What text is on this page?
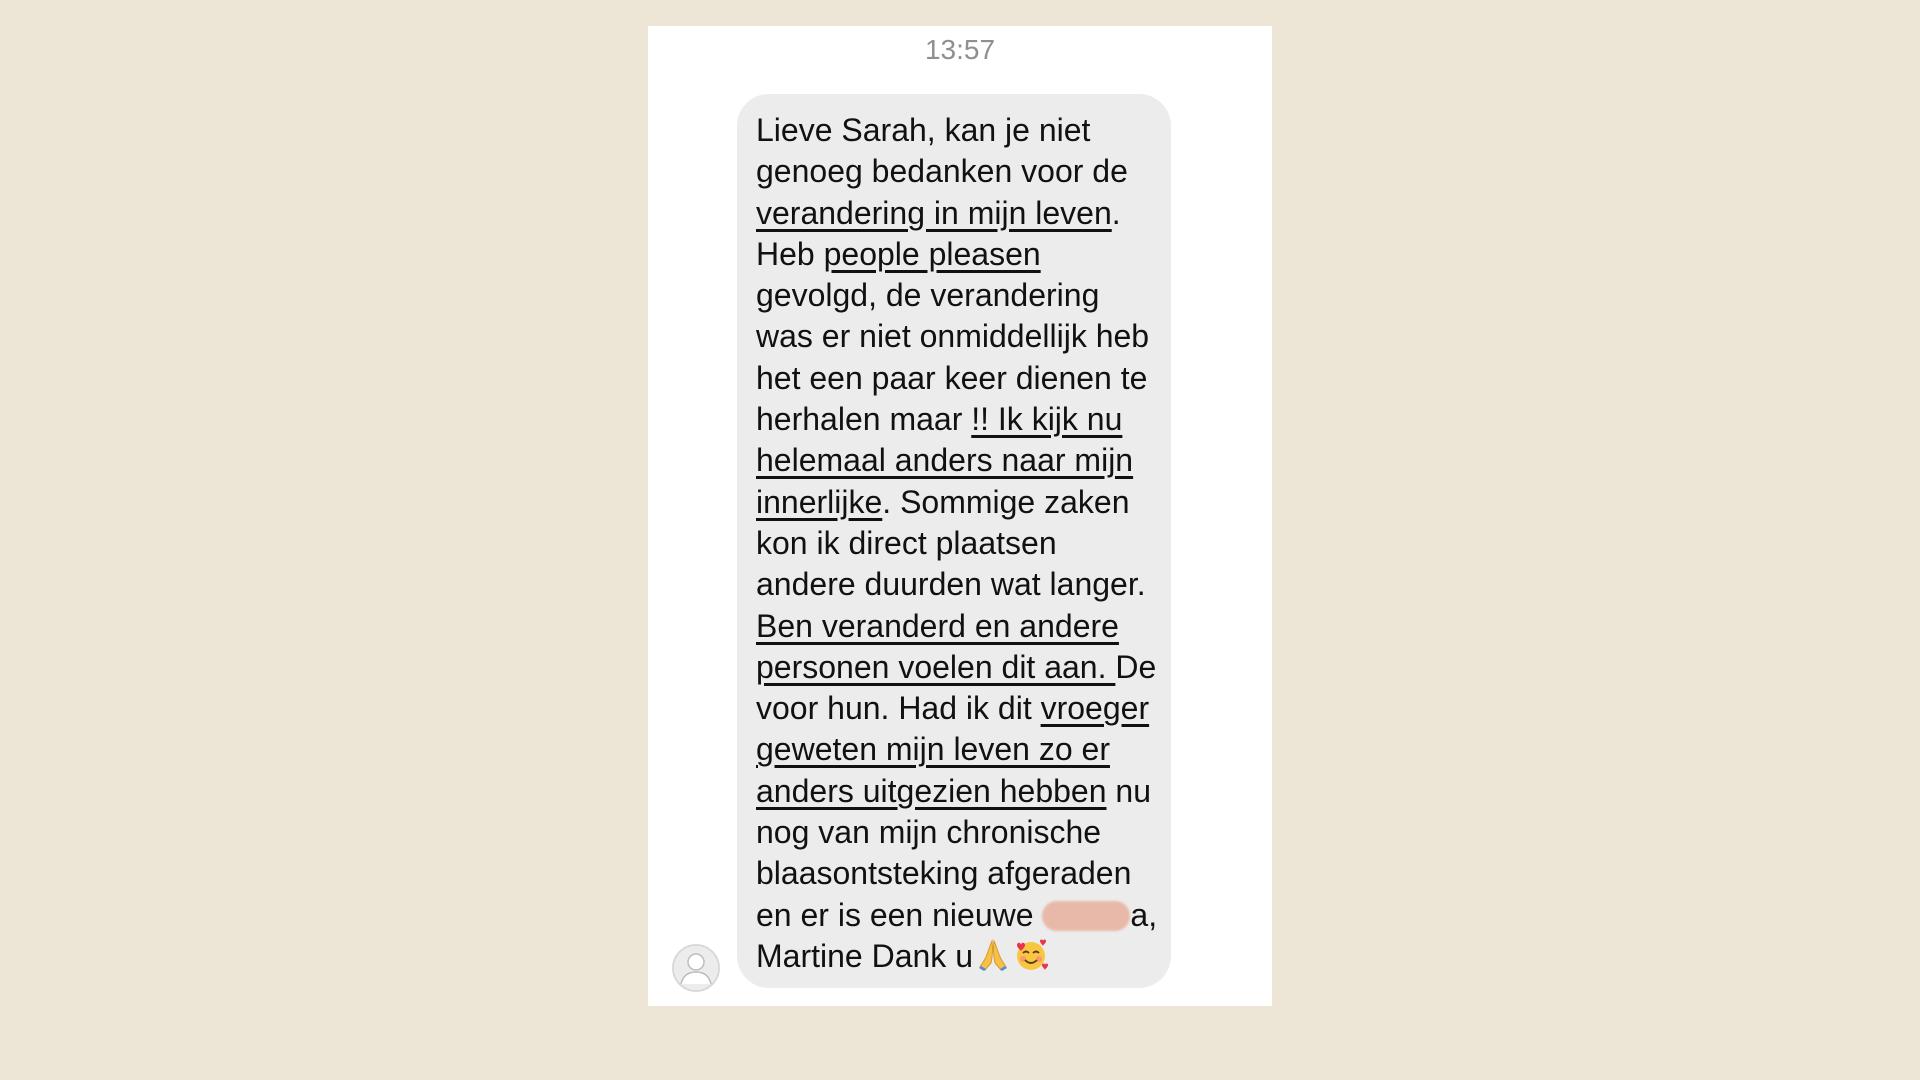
13:57
Lieve Sarah, kan je niet
genoeg bedanken voor de
verandering in mijn leven.
Heb people pleasen
gevolgd, de verandering
was er niet onmiddellijk heb
het een paar keer dienen te
herhalen maar !! Ik kijk nu
helemaal anders naar mijn
innerlijke. Sommige zaken
kon ik direct plaatsen
andere duurden wat langer.
Ben veranderd en andere
personen voelen dit aan. De
voor hun. Had ik dit vroeger
geweten mijn leven zo er
anders uitgezien hebben nu
nog van mijn chronische
blaasontsteking afgeraden
en er is een nieuwe	a,
Martine Dank u
